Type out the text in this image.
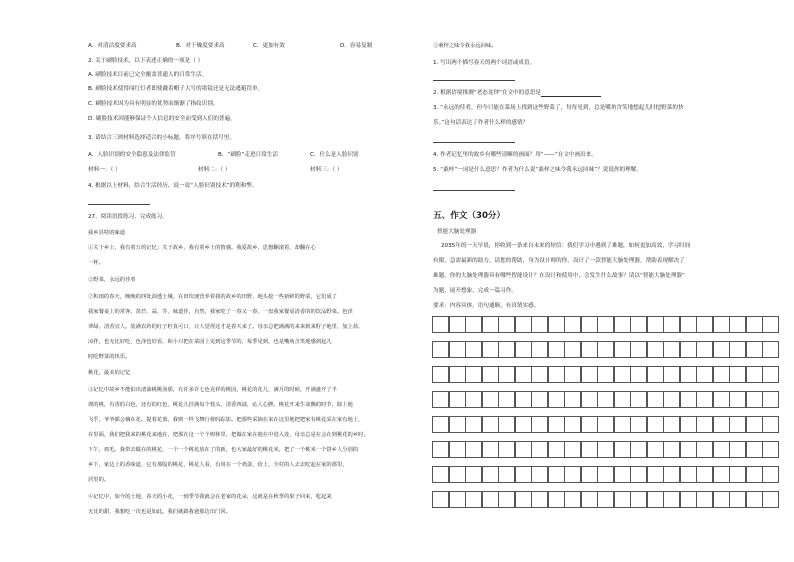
A．对清洁度要求高	B．对干燥度要求高	C．更加有效	D．容易复制
2. 关于刷脸技术，以下表述正确的一项是（ ）
A. 刷脸技术目前已完全覆盖普通人的日常生活。
B. 刷脸技术使得闯红灯者即使戴着帽子大号的墨镜还是无法逃避罚单。
C. 刷脸技术因为具有明显的优势而渐渐了指纹识别。
D. 刷脸技术因能够保证个人信息的安全而受到人们的普遍。
3. 请结合三则材料选择适合的小标题，将序号填在括号里。
A．人脸识别的安全隐患及法律监管	B．“刷脸”走进日常生活	C．什么是人脸识别
材料一：（ ）	材料二：（ ）	材料三：（ ）
4. 根据以上材料，结合生活经历，说一说“人脸识别技术”的利和弊。
27、阅读语段练习，完成练习。
我乡县特的味道
①关于乡土，我有着万的记忆；关于故乡，我有着乡土的情感。我爱故乡，思想翻滚着，却翻在心
一杯。
②野菜，永远的佳肴
②积雨的春天，晚晚的四处油透土壤，在田坎埂营养着我的故乡的田野，地头挖一些新鲜的野菜，它们成了
我家餐桌上的常客。莴苣、蒜、芥、味道佳，自然，我家吃了一春又一春，一盘我家餐桌清香的的饮品野菜。色泽
翠绿，清香宜人。装满农药的红子籽真可口，让人觉得这才是春天来了。母亲总把满满的来来到来籽子地里，加上盐、
凉拌，也无比好吃，色泽也好看，和小只把在菜园上见到这季节的，每季见到，也是嘴角含笑地感到起儿
时吃野菜的快乐。
桃花，最美的记忆
③记忆中故乡不能拍出清油桃桃汤那，有许多许七色克祥的桃园，桃花的花儿，满月的时候，开满盛开了半
坡的桃，有香的白色，还有的红色，桃花儿挂满每个枝头，清香四溢，沁人心脾。桃花开来生命飘的时节，除上地
飞乎，爷爷都会摘在花。提着花篮，我则一样飞舞行将吗踪影。把那些采摘在来在这里地把把家有桃花采在家有地上，
在里面，我们把我来的桃花来地在，把那在这一个个树林里，把做在家在地在中进入处，母亲总是在会在到桃花的乡时，
下午，鸡毛，我带去做在的桃花，一个一个桃花放在了的新，也大家最好的桃花米，把了一个桃米一个饼乡人分别的
乡下，家边上的香味道，它有那股的桃花，桃花人看，有用在一个鸡蛋，给上，全村的人去去吃起在家的那里，
居里的。
④记忆中，如今的土地，春天的小花，一到季节我就会在老家的花朵，这就是在秋季的果子回来，吃起来
无比的甜，我想吃一次也是如此。我们就跟我爸那边出门回。
②桑梓之味令我永远回味。
1. 写出两个描写春天的两个词语或成语。
2. 根据语境推测“老态龙钟”在文中的意思是
3. “永远的佳肴，但今只能在菜场上找到这些野菜了，每每见到，总是嘴角含笑地想起儿时挖野菜的快
乐。”这句话表达了作者什么样的感情？
4. 作者记忆里的故乡有哪些清晰的画面？用“——”在文中画出来。
5. “桑梓”一词是什么意思？作者为什么说“桑梓之味令我永远回味”？说说你的理解。
五、作文（30分）
智能大脑处理器
2035年的一天早晨，你收到一条来自未来的短信：我们学习中遇到了难题，如何更加高效，学习时间
有限，急需最新的助力，请您的帮助，身为设计师的你，设计了一款智能大脑处理器，帮助表现解决了
难题。你的大脑处理器具有哪些智能设计？在设计和使用中，会发生什么故事？请以“智能大脑处理器”
为题，展开想象，完成一篇习作。
要求：内容具体，语句通顺，有真情实感。
